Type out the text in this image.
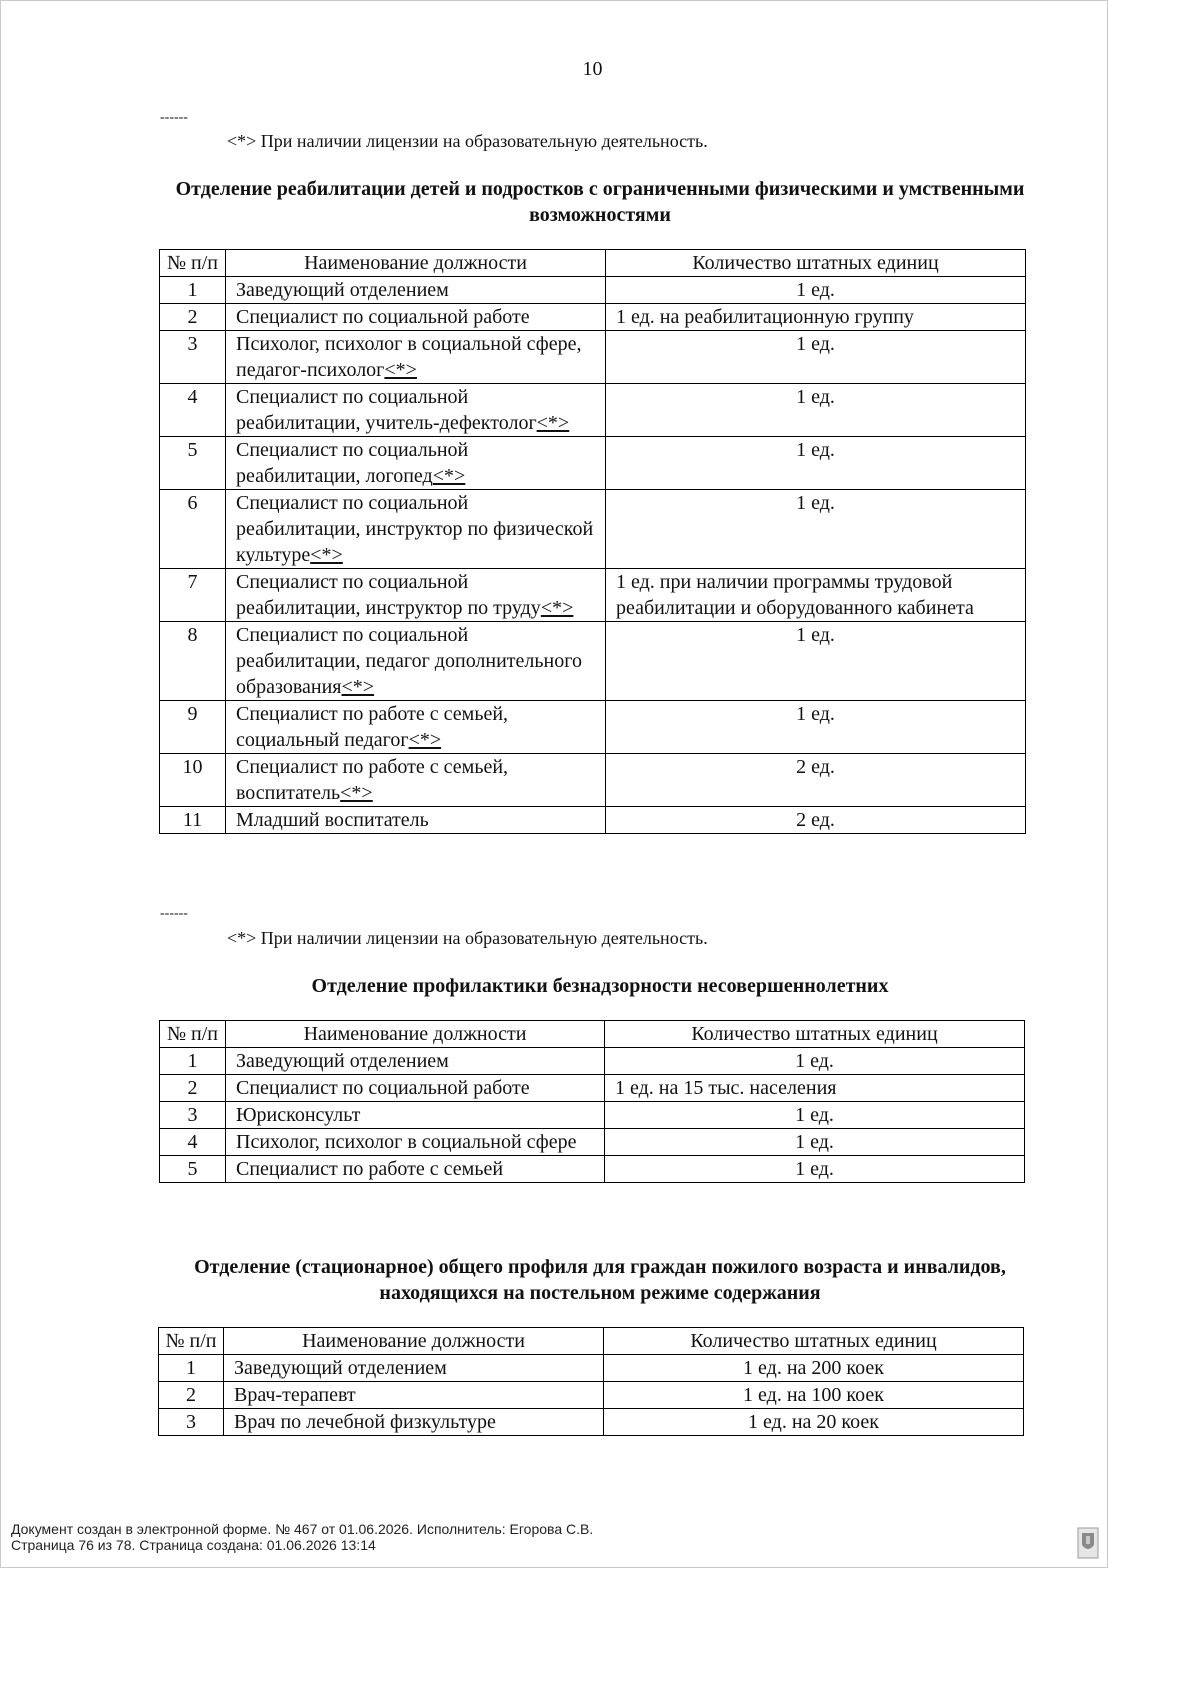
10
------
<*> При наличии лицензии на образовательную деятельность.
Отделение реабилитации детей и подростков с ограниченными физическими и умственными возможностями
№ п/п	Наименование должности	Количество штатных единиц
1	Заведующий отделением	1 ед.
2	Специалист по социальной работе	1 ед. на реабилитационную группу
3	Психолог, психолог в социальной сфере, педагог-психолог<*>	1 ед.
4	Специалист по социальной реабилитации, учитель-дефектолог<*>	1 ед.
5	Специалист по социальной реабилитации, логопед<*>	1 ед.
6	Специалист по социальной реабилитации, инструктор по физической культуре<*>	1 ед.
7	Специалист по социальной реабилитации, инструктор по труду<*>	1 ед. при наличии программы трудовой реабилитации и оборудованного кабинета
8	Специалист по социальной реабилитации, педагог дополнительного образования<*>	1 ед.
9	Специалист по работе с семьей, социальный педагог<*>	1 ед.
10	Специалист по работе с семьей, воспитатель<*>	2 ед.
11	Младший воспитатель	2 ед.
------
<*> При наличии лицензии на образовательную деятельность.
Отделение профилактики безнадзорности несовершеннолетних
№ п/п	Наименование должности	Количество штатных единиц
1	Заведующий отделением	1 ед.
2	Специалист по социальной работе	1 ед. на 15 тыс. населения
3	Юрисконсульт	1 ед.
4	Психолог, психолог в социальной сфере	1 ед.
5	Специалист по работе с семьей	1 ед.
Отделение (стационарное) общего профиля для граждан пожилого возраста и инвалидов, находящихся на постельном режиме содержания
№ п/п	Наименование должности	Количество штатных единиц
1	Заведующий отделением	1 ед. на 200 коек
2	Врач-терапевт	1 ед. на 100 коек
3	Врач по лечебной физкультуре	1 ед. на 20 коек
Документ создан в электронной форме. № 467 от 01.06.2026. Исполнитель: Егорова С.В.
Страница 76 из 78. Страница создана: 01.06.2026 13:14
